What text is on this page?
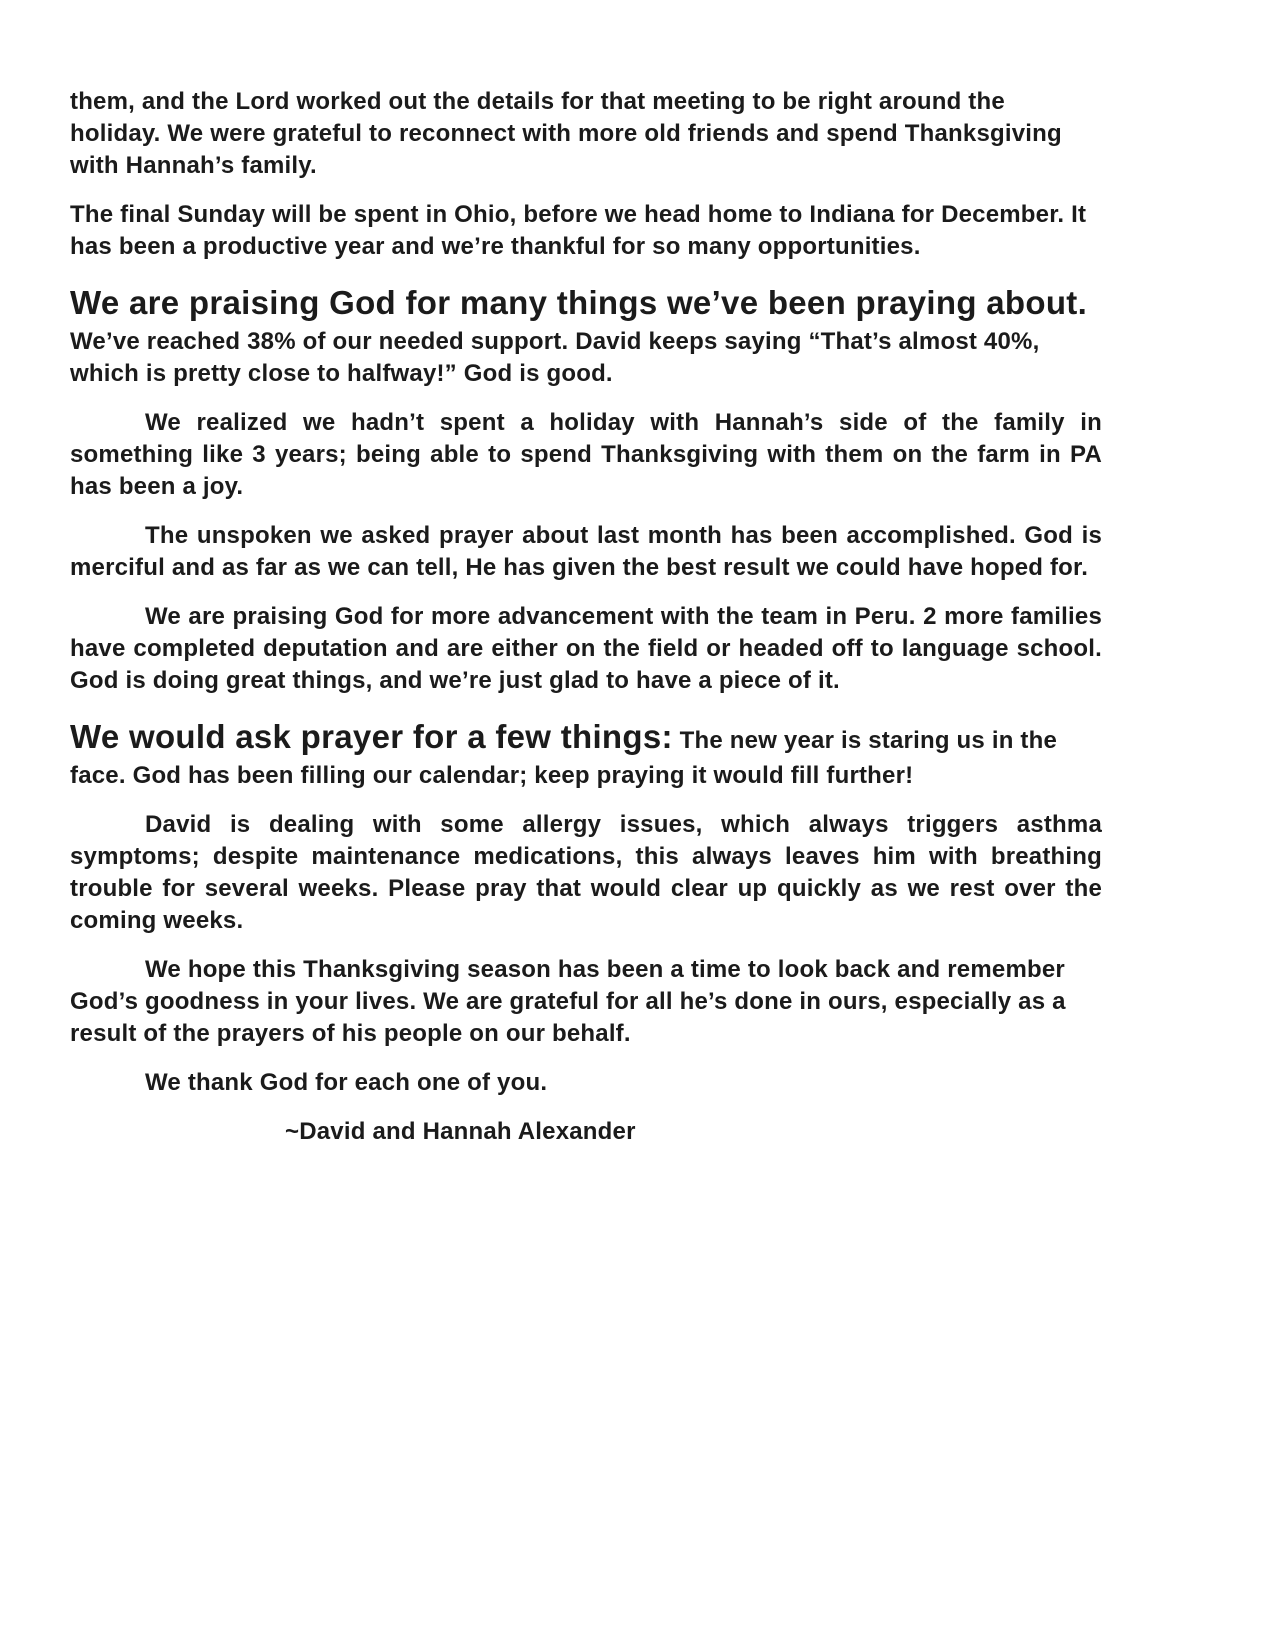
them, and the Lord worked out the details for that meeting to be right around the holiday. We were grateful to reconnect with more old friends and spend Thanksgiving with Hannah’s family.

The final Sunday will be spent in Ohio, before we head home to Indiana for December. It has been a productive year and we’re thankful for so many opportunities.

We are praising God for many things we’ve been praying about. We’ve reached 38% of our needed support. David keeps saying “That’s almost 40%, which is pretty close to halfway!” God is good.

We realized we hadn’t spent a holiday with Hannah’s side of the family in something like 3 years; being able to spend Thanksgiving with them on the farm in PA has been a joy.

The unspoken we asked prayer about last month has been accomplished. God is merciful and as far as we can tell, He has given the best result we could have hoped for.

We are praising God for more advancement with the team in Peru. 2 more families have completed deputation and are either on the field or headed off to language school. God is doing great things, and we’re just glad to have a piece of it.

We would ask prayer for a few things: The new year is staring us in the face. God has been filling our calendar; keep praying it would fill further!

David is dealing with some allergy issues, which always triggers asthma symptoms; despite maintenance medications, this always leaves him with breathing trouble for several weeks. Please pray that would clear up quickly as we rest over the coming weeks.

We hope this Thanksgiving season has been a time to look back and remember God’s goodness in your lives. We are grateful for all he’s done in ours, especially as a result of the prayers of his people on our behalf.

We thank God for each one of you.

~David and Hannah Alexander
